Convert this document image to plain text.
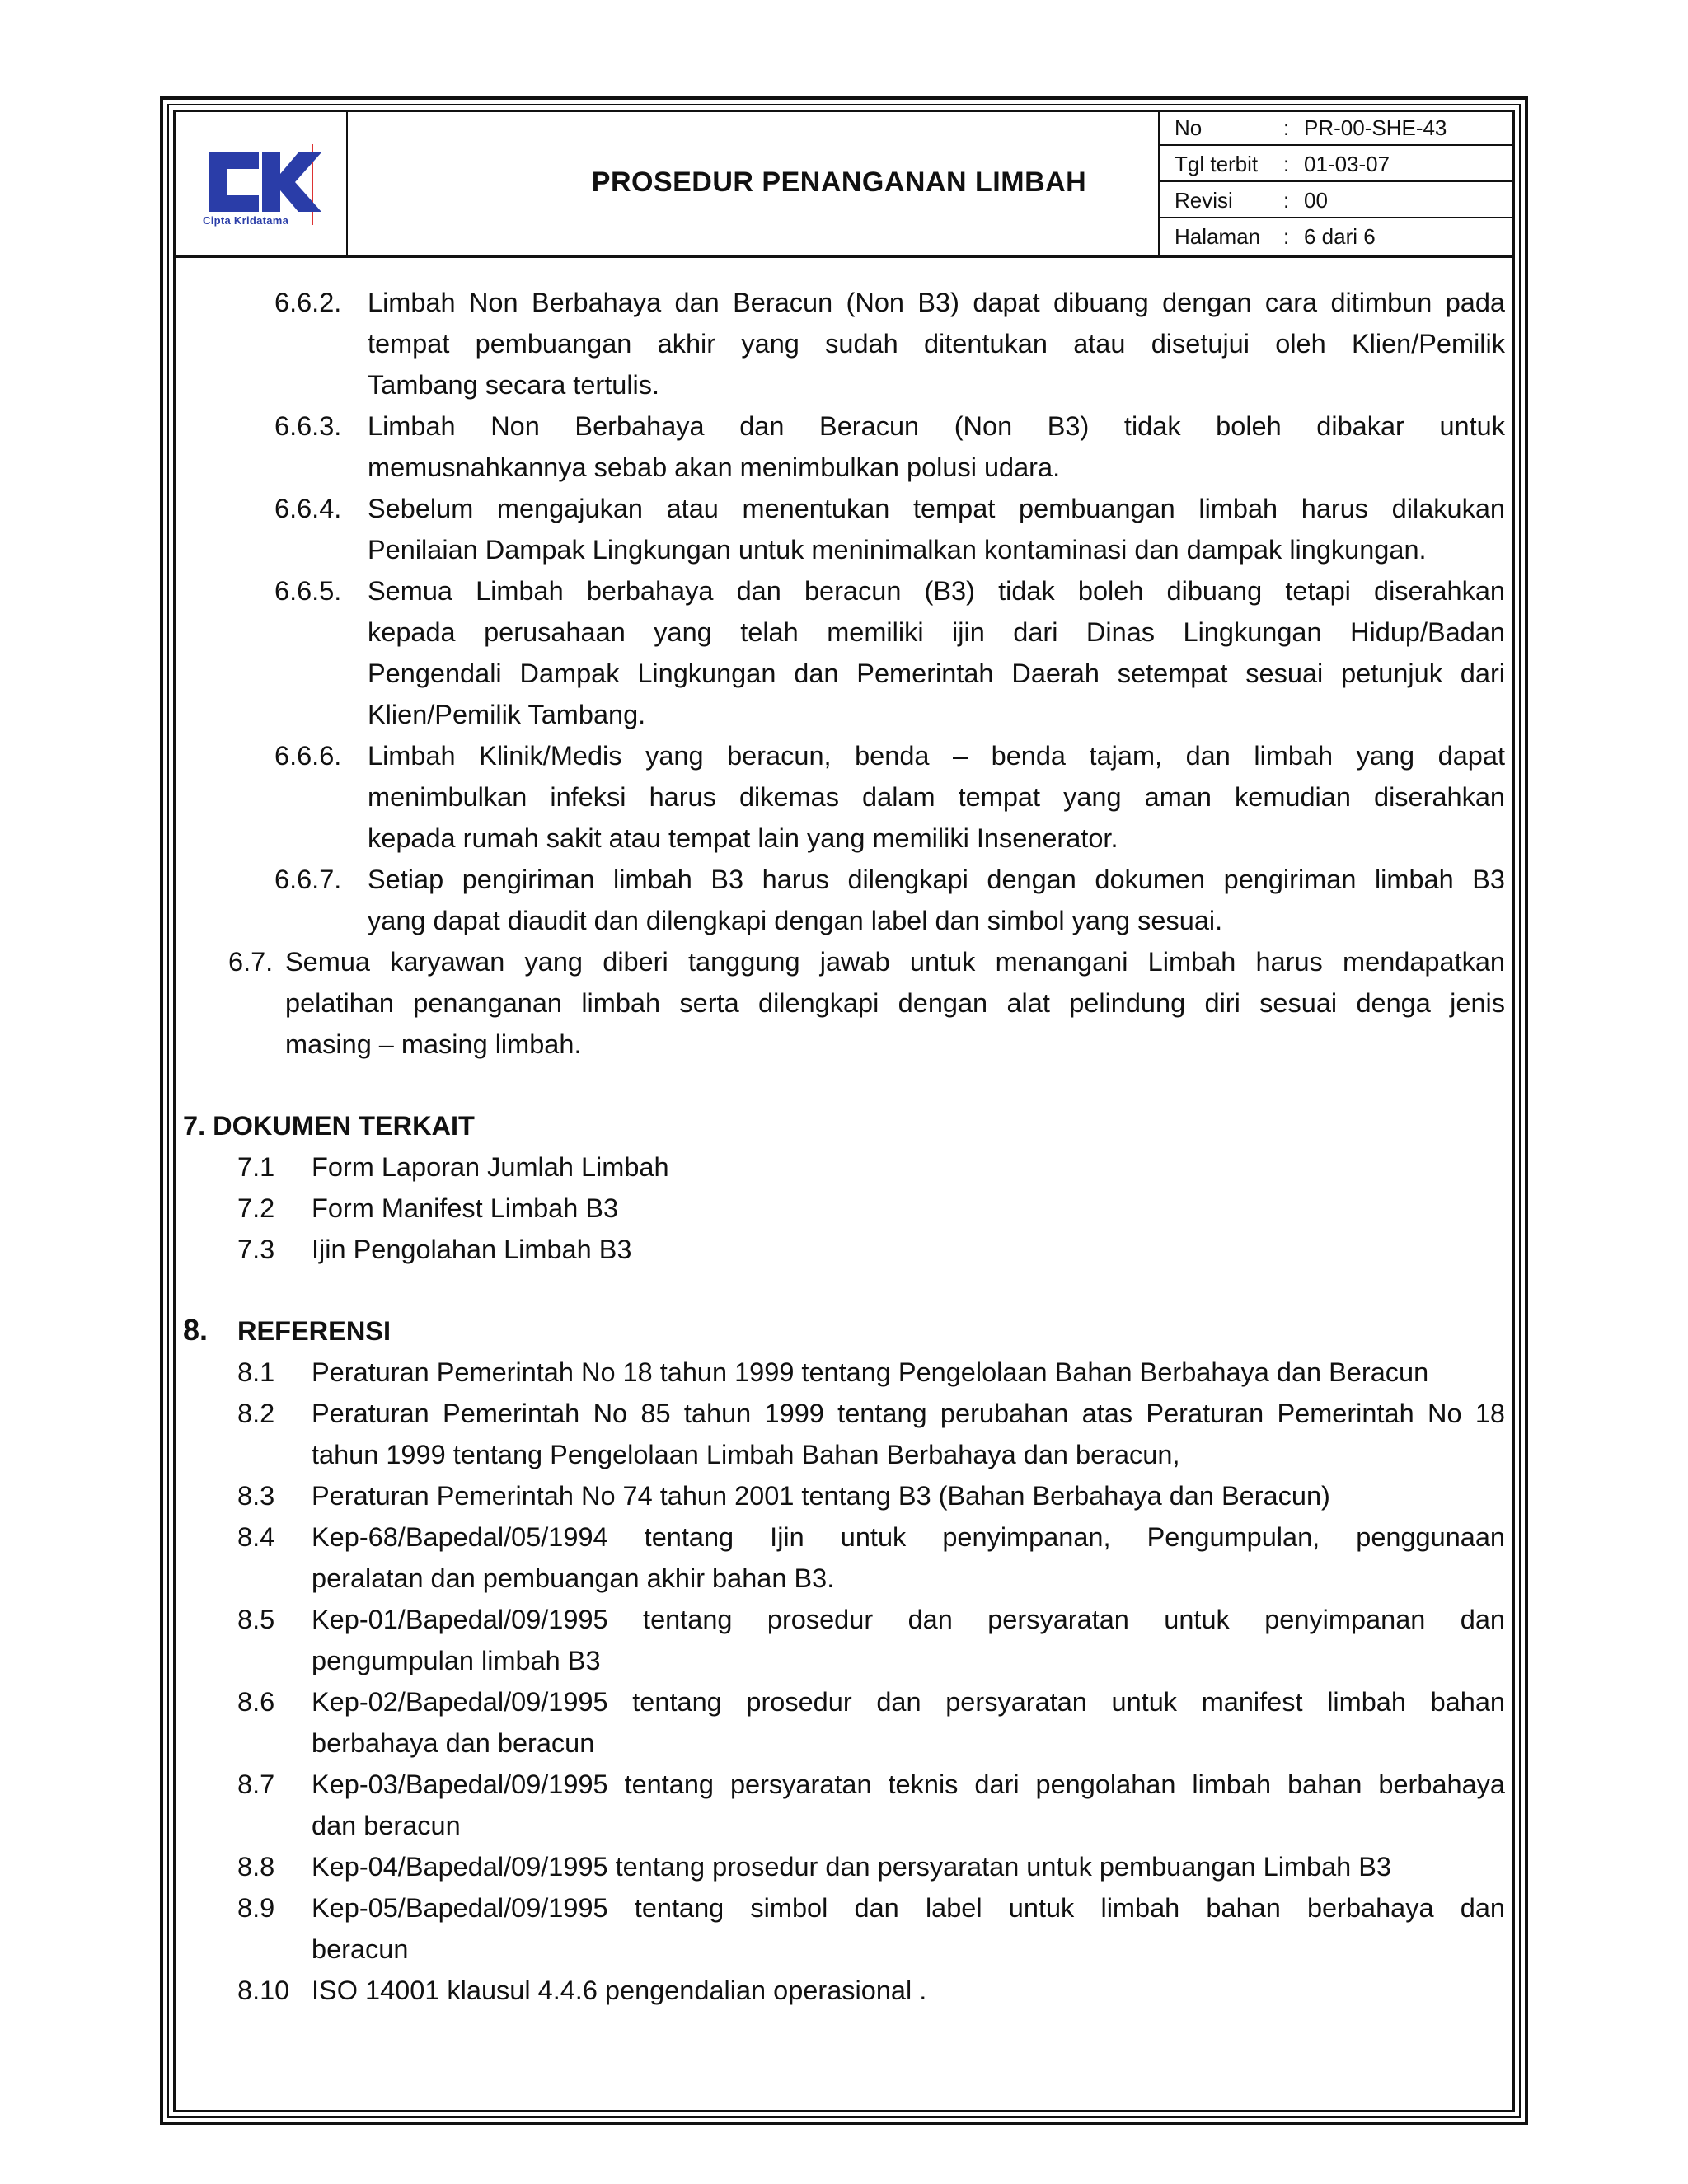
Cipta Kridatama
PROSEDUR PENANGANAN LIMBAH
No	: PR-00-SHE-43
Tgl terbit : 01-03-07
Revisi : 00
Halaman : 6 dari 6
6.6.2. Limbah Non Berbahaya dan Beracun (Non B3) dapat dibuang dengan cara ditimbun pada
tempat pembuangan akhir yang sudah ditentukan atau disetujui oleh Klien/Pemilik
Tambang secara tertulis.
6.6.3. Limbah Non Berbahaya dan Beracun (Non B3) tidak boleh dibakar untuk
memusnahkannya sebab akan menimbulkan polusi udara.
6.6.4. Sebelum mengajukan atau menentukan tempat pembuangan limbah harus dilakukan
Penilaian Dampak Lingkungan untuk meninimalkan kontaminasi dan dampak lingkungan.
6.6.5. Semua Limbah berbahaya dan beracun (B3) tidak boleh dibuang tetapi diserahkan
kepada perusahaan yang telah memiliki ijin dari Dinas Lingkungan Hidup/Badan
Pengendali Dampak Lingkungan dan Pemerintah Daerah setempat sesuai petunjuk dari
Klien/Pemilik Tambang.
6.6.6. Limbah Klinik/Medis yang beracun, benda – benda tajam, dan limbah yang dapat
menimbulkan infeksi harus dikemas dalam tempat yang aman kemudian diserahkan
kepada rumah sakit atau tempat lain yang memiliki Insenerator.
6.6.7. Setiap pengiriman limbah B3 harus dilengkapi dengan dokumen pengiriman limbah B3
yang dapat diaudit dan dilengkapi dengan label dan simbol yang sesuai.
6.7. Semua karyawan yang diberi tanggung jawab untuk menangani Limbah harus mendapatkan
pelatihan penanganan limbah serta dilengkapi dengan alat pelindung diri sesuai denga jenis
masing – masing limbah.
7. DOKUMEN TERKAIT
7.1 Form Laporan Jumlah Limbah
7.2 Form Manifest Limbah B3
7.3 Ijin Pengolahan Limbah B3
8. REFERENSI
8.1 Peraturan Pemerintah No 18 tahun 1999 tentang Pengelolaan Bahan Berbahaya dan Beracun
8.2 Peraturan Pemerintah No 85 tahun 1999 tentang perubahan atas Peraturan Pemerintah No 18
tahun 1999 tentang Pengelolaan Limbah Bahan Berbahaya dan beracun,
8.3 Peraturan Pemerintah No 74 tahun 2001 tentang B3 (Bahan Berbahaya dan Beracun)
8.4 Kep-68/Bapedal/05/1994 tentang Ijin untuk penyimpanan, Pengumpulan, penggunaan
peralatan dan pembuangan akhir bahan B3.
8.5 Kep-01/Bapedal/09/1995 tentang prosedur dan persyaratan untuk penyimpanan dan
pengumpulan limbah B3
8.6 Kep-02/Bapedal/09/1995 tentang prosedur dan persyaratan untuk manifest limbah bahan
berbahaya dan beracun
8.7 Kep-03/Bapedal/09/1995 tentang persyaratan teknis dari pengolahan limbah bahan berbahaya
dan beracun
8.8 Kep-04/Bapedal/09/1995 tentang prosedur dan persyaratan untuk pembuangan Limbah B3
8.9 Kep-05/Bapedal/09/1995 tentang simbol dan label untuk limbah bahan berbahaya dan
beracun
8.10 ISO 14001 klausul 4.4.6 pengendalian operasional .
